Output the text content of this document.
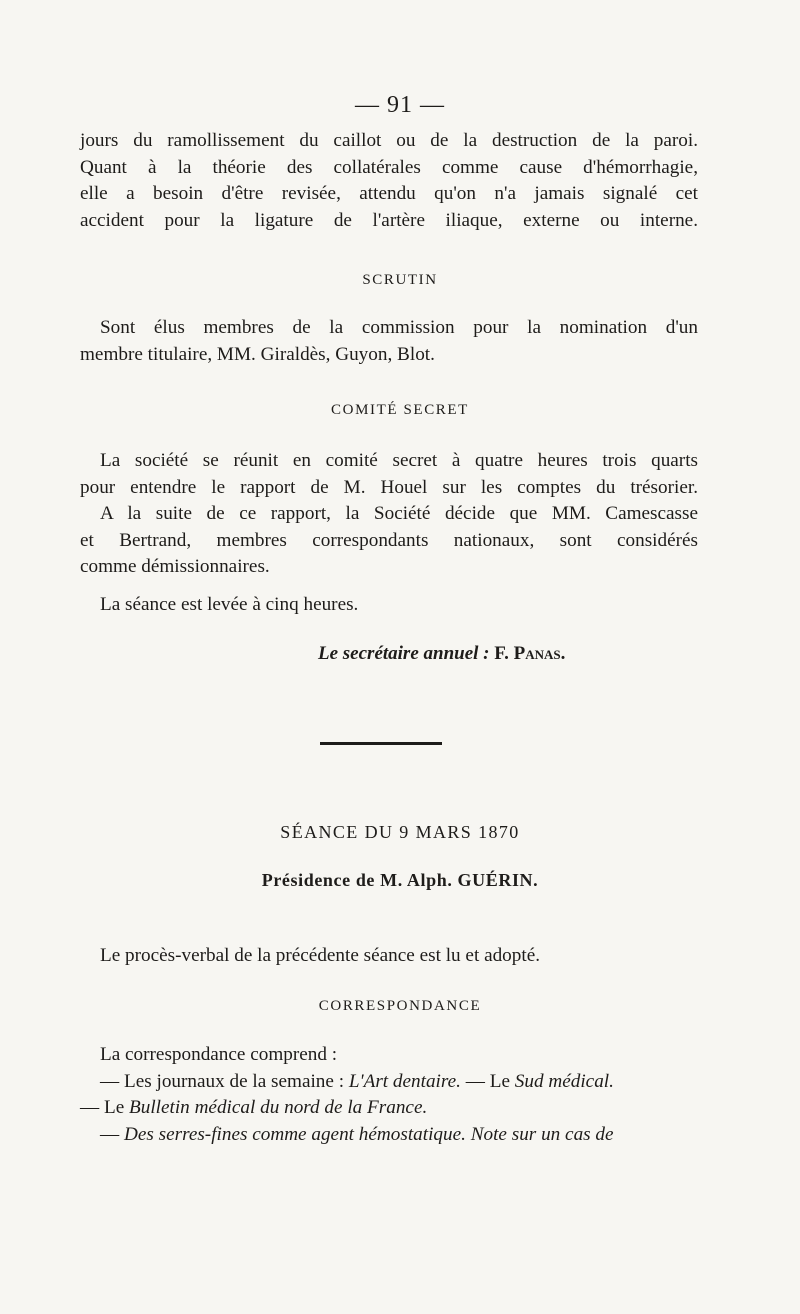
— 91 —
jours du ramollissement du caillot ou de la destruction de la paroi.
Quant à la théorie des collatérales comme cause d'hémorrhagie,
elle a besoin d'être revisée, attendu qu'on n'a jamais signalé cet
accident pour la ligature de l'artère iliaque, externe ou interne.
SCRUTIN
Sont élus membres de la commission pour la nomination d'un
membre titulaire, MM. Giraldès, Guyon, Blot.
COMITÉ SECRET
La société se réunit en comité secret à quatre heures trois quarts
pour entendre le rapport de M. Houel sur les comptes du trésorier.
A la suite de ce rapport, la Société décide que MM. Camescasse
et Bertrand, membres correspondants nationaux, sont considérés
comme démissionnaires.
La séance est levée à cinq heures.
Le secrétaire annuel : F. Panas.
SÉANCE DU 9 MARS 1870
Présidence de M. Alph. GUÉRIN.
Le procès-verbal de la précédente séance est lu et adopté.
CORRESPONDANCE
La correspondance comprend :
— Les journaux de la semaine : L'Art dentaire. — Le Sud médical.
— Le Bulletin médical du nord de la France.
— Des serres-fines comme agent hémostatique. Note sur un cas de
